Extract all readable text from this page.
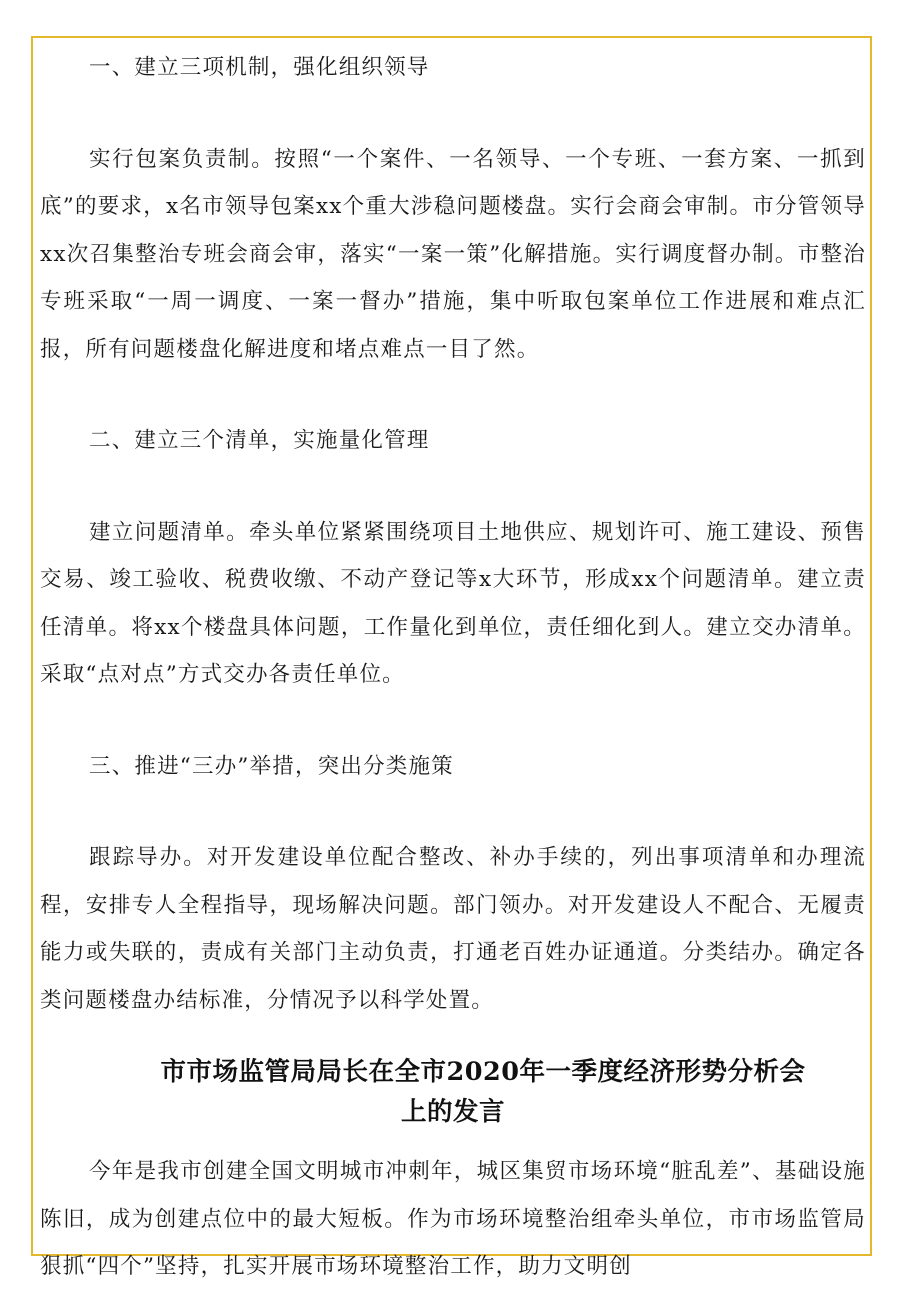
一、建立三项机制，强化组织领导

实行包案负责制。按照“一个案件、一名领导、一个专班、一套方案、一抓到底”的要求，x名市领导包案xx个重大涉稳问题楼盘。实行会商会审制。市分管领导xx次召集整治专班会商会审，落实“一案一策”化解措施。实行调度督办制。市整治专班采取“一周一调度、一案一督办”措施，集中听取包案单位工作进展和难点汇报，所有问题楼盘化解进度和堵点难点一目了然。

二、建立三个清单，实施量化管理

建立问题清单。牵头单位紧紧围绕项目土地供应、规划许可、施工建设、预售交易、竣工验收、税费收缴、不动产登记等x大环节，形成xx个问题清单。建立责任清单。将xx个楼盘具体问题，工作量化到单位，责任细化到人。建立交办清单。采取“点对点”方式交办各责任单位。

三、推进“三办”举措，突出分类施策

跟踪导办。对开发建设单位配合整改、补办手续的，列出事项清单和办理流程，安排专人全程指导，现场解决问题。部门领办。对开发建设人不配合、无履责能力或失联的，责成有关部门主动负责，打通老百姓办证通道。分类结办。确定各类问题楼盘办结标准，分情况予以科学处置。

市市场监管局局长在全市2020年一季度经济形势分析会
上的发言

今年是我市创建全国文明城市冲刺年，城区集贸市场环境“脏乱差”、基础设施陈旧，成为创建点位中的最大短板。作为市场环境整治组牵头单位，市市场监管局狠抓“四个”坚持，扎实开展市场环境整治工作，助力文明创
